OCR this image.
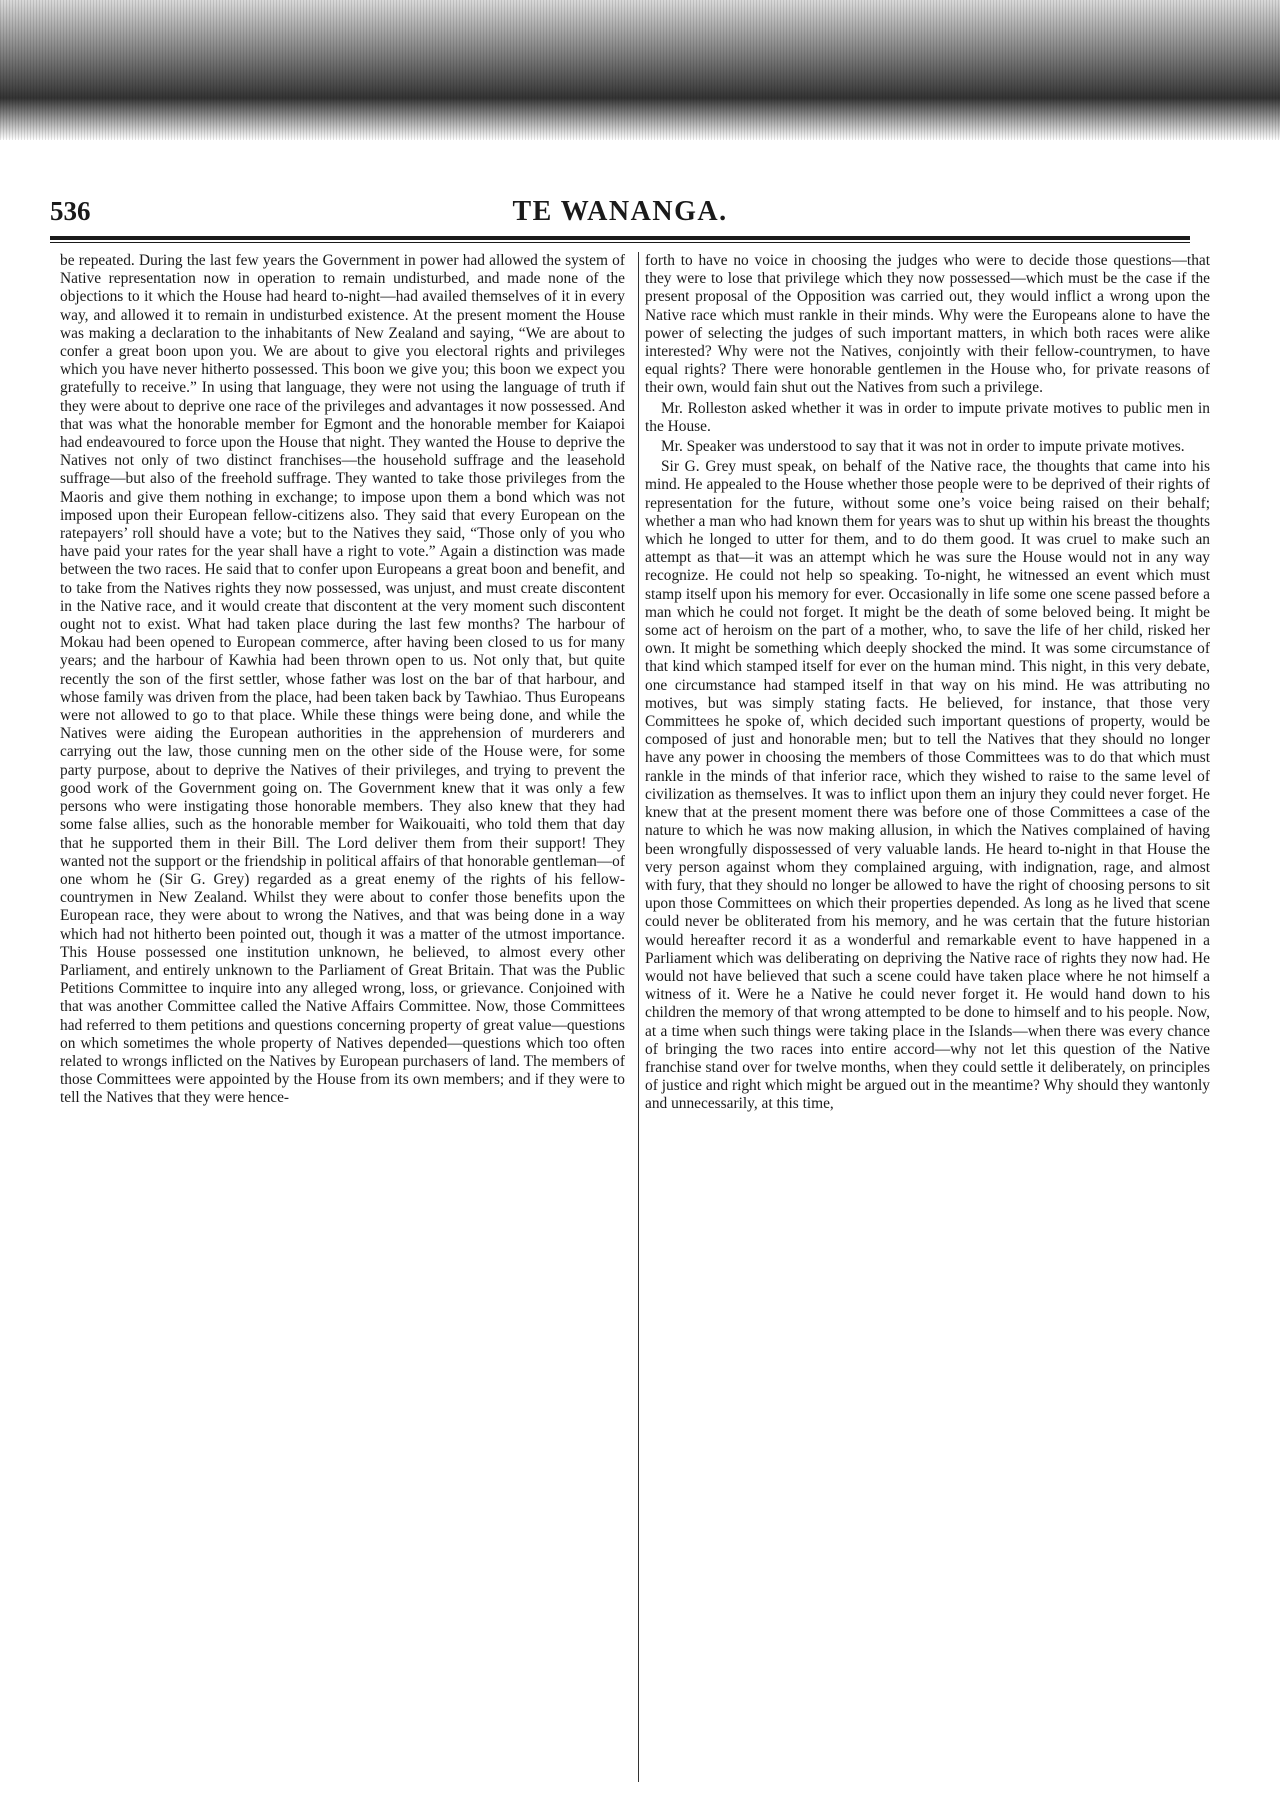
536	TE WANANGA.

be repeated. During the last few years the Government in power had allowed the system of Native representation now in operation to remain undisturbed, and made none of the objections to it which the House had heard to-night—had availed themselves of it in every way, and allowed it to remain in undisturbed existence. At the present moment the House was making a declaration to the inhabitants of New Zealand and saying, “We are about to confer a great boon upon you. We are about to give you electoral rights and privileges which you have never hitherto possessed. This boon we give you; this boon we expect you gratefully to receive.” In using that language, they were not using the language of truth if they were about to deprive one race of the privileges and advantages it now possessed. And that was what the honorable member for Egmont and the honorable member for Kaiapoi had endeavoured to force upon the House that night. They wanted the House to deprive the Natives not only of two distinct franchises—the household suffrage and the leasehold suffrage—but also of the freehold suffrage. They wanted to take those privileges from the Maoris and give them nothing in exchange; to impose upon them a bond which was not imposed upon their European fellow-citizens also. They said that every European on the ratepayers’ roll should have a vote; but to the Natives they said, “Those only of you who have paid your rates for the year shall have a right to vote.” Again a distinction was made between the two races. He said that to confer upon Europeans a great boon and benefit, and to take from the Natives rights they now possessed, was unjust, and must create discontent in the Native race, and it would create that discontent at the very moment such discontent ought not to exist. What had taken place during the last few months? The harbour of Mokau had been opened to European commerce, after having been closed to us for many years; and the harbour of Kawhia had been thrown open to us. Not only that, but quite recently the son of the first settler, whose father was lost on the bar of that harbour, and whose family was driven from the place, had been taken back by Tawhiao. Thus Europeans were not allowed to go to that place. While these things were being done, and while the Natives were aiding the European authorities in the apprehension of murderers and carrying out the law, those cunning men on the other side of the House were, for some party purpose, about to deprive the Natives of their privileges, and trying to prevent the good work of the Government going on. The Government knew that it was only a few persons who were instigating those honorable members. They also knew that they had some false allies, such as the honorable member for Waikouaiti, who told them that day that he supported them in their Bill. The Lord deliver them from their support! They wanted not the support or the friendship in political affairs of that honorable gentleman—of one whom he (Sir G. Grey) regarded as a great enemy of the rights of his fellow-countrymen in New Zealand. Whilst they were about to confer those benefits upon the European race, they were about to wrong the Natives, and that was being done in a way which had not hitherto been pointed out, though it was a matter of the utmost importance. This House possessed one institution unknown, he believed, to almost every other Parliament, and entirely unknown to the Parliament of Great Britain. That was the Public Petitions Committee to inquire into any alleged wrong, loss, or grievance. Conjoined with that was another Committee called the Native Affairs Committee. Now, those Committees had referred to them petitions and questions concerning property of great value—questions on which sometimes the whole property of Natives depended—questions which too often related to wrongs inflicted on the Natives by European purchasers of land. The members of those Committees were appointed by the House from its own members; and if they were to tell the Natives that they were hence-

forth to have no voice in choosing the judges who were to decide those questions—that they were to lose that privilege which they now possessed—which must be the case if the present proposal of the Opposition was carried out, they would inflict a wrong upon the Native race which must rankle in their minds. Why were the Europeans alone to have the power of selecting the judges of such important matters, in which both races were alike interested? Why were not the Natives, conjointly with their fellow-countrymen, to have equal rights? There were honorable gentlemen in the House who, for private reasons of their own, would fain shut out the Natives from such a privilege.

Mr. Rolleston asked whether it was in order to impute private motives to public men in the House.

Mr. Speaker was understood to say that it was not in order to impute private motives.

Sir G. Grey must speak, on behalf of the Native race, the thoughts that came into his mind. He appealed to the House whether those people were to be deprived of their rights of representation for the future, without some one’s voice being raised on their behalf; whether a man who had known them for years was to shut up within his breast the thoughts which he longed to utter for them, and to do them good. It was cruel to make such an attempt as that—it was an attempt which he was sure the House would not in any way recognize. He could not help so speaking. To-night, he witnessed an event which must stamp itself upon his memory for ever. Occasionally in life some one scene passed before a man which he could not forget. It might be the death of some beloved being. It might be some act of heroism on the part of a mother, who, to save the life of her child, risked her own. It might be something which deeply shocked the mind. It was some circumstance of that kind which stamped itself for ever on the human mind. This night, in this very debate, one circumstance had stamped itself in that way on his mind. He was attributing no motives, but was simply stating facts. He believed, for instance, that those very Committees he spoke of, which decided such important questions of property, would be composed of just and honorable men; but to tell the Natives that they should no longer have any power in choosing the members of those Committees was to do that which must rankle in the minds of that inferior race, which they wished to raise to the same level of civilization as themselves. It was to inflict upon them an injury they could never forget. He knew that at the present moment there was before one of those Committees a case of the nature to which he was now making allusion, in which the Natives complained of having been wrongfully dispossessed of very valuable lands. He heard to-night in that House the very person against whom they complained arguing, with indignation, rage, and almost with fury, that they should no longer be allowed to have the right of choosing persons to sit upon those Committees on which their properties depended. As long as he lived that scene could never be obliterated from his memory, and he was certain that the future historian would hereafter record it as a wonderful and remarkable event to have happened in a Parliament which was deliberating on depriving the Native race of rights they now had. He would not have believed that such a scene could have taken place where he not himself a witness of it. Were he a Native he could never forget it. He would hand down to his children the memory of that wrong attempted to be done to himself and to his people. Now, at a time when such things were taking place in the Islands—when there was every chance of bringing the two races into entire accord—why not let this question of the Native franchise stand over for twelve months, when they could settle it deliberately, on principles of justice and right which might be argued out in the meantime? Why should they wantonly and unnecessarily, at this time,
